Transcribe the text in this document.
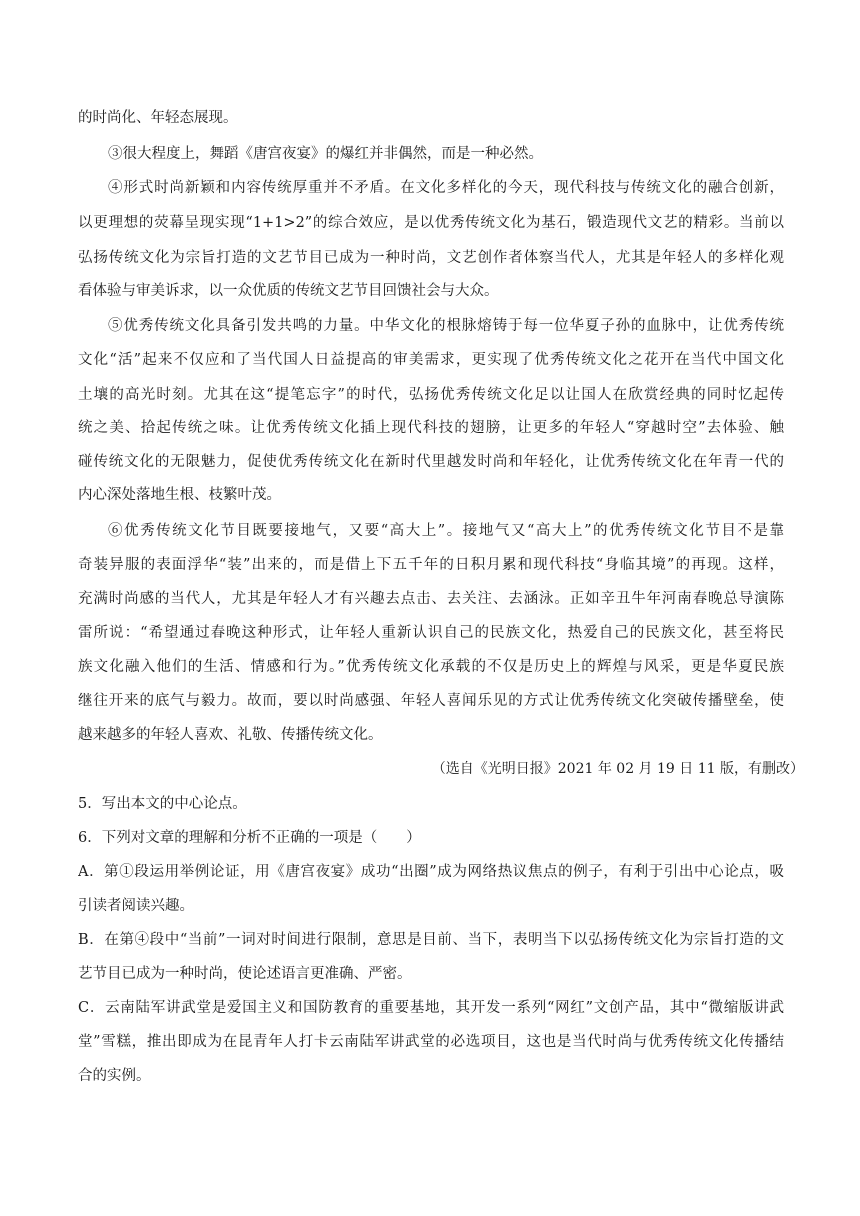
的时尚化、年轻态展现。
③很大程度上，舞蹈《唐宫夜宴》的爆红并非偶然，而是一种必然。
④形式时尚新颖和内容传统厚重并不矛盾。在文化多样化的今天，现代科技与传统文化的融合创新，
以更理想的荧幕呈现实现“1+1>2”的综合效应，是以优秀传统文化为基石，锻造现代文艺的精彩。当前以
弘扬传统文化为宗旨打造的文艺节目已成为一种时尚，文艺创作者体察当代人，尤其是年轻人的多样化观
看体验与审美诉求，以一众优质的传统文艺节目回馈社会与大众。
⑤优秀传统文化具备引发共鸣的力量。中华文化的根脉熔铸于每一位华夏子孙的血脉中，让优秀传统
文化“活”起来不仅应和了当代国人日益提高的审美需求，更实现了优秀传统文化之花开在当代中国文化
土壤的高光时刻。尤其在这“提笔忘字”的时代，弘扬优秀传统文化足以让国人在欣赏经典的同时忆起传
统之美、拾起传统之味。让优秀传统文化插上现代科技的翅膀，让更多的年轻人“穿越时空”去体验、触
碰传统文化的无限魅力，促使优秀传统文化在新时代里越发时尚和年轻化，让优秀传统文化在年青一代的
内心深处落地生根、枝繁叶茂。
⑥优秀传统文化节目既要接地气，又要“高大上”。接地气又“高大上”的优秀传统文化节目不是靠
奇装异服的表面浮华“装”出来的，而是借上下五千年的日积月累和现代科技“身临其境”的再现。这样，
充满时尚感的当代人，尤其是年轻人才有兴趣去点击、去关注、去涵泳。正如辛丑牛年河南春晚总导演陈
雷所说：“希望通过春晚这种形式，让年轻人重新认识自己的民族文化，热爱自己的民族文化，甚至将民
族文化融入他们的生活、情感和行为。”优秀传统文化承载的不仅是历史上的辉煌与风采，更是华夏民族
继往开来的底气与毅力。故而，要以时尚感强、年轻人喜闻乐见的方式让优秀传统文化突破传播壁垒，使
越来越多的年轻人喜欢、礼敬、传播传统文化。
（选自《光明日报》2021 年 02 月 19 日 11 版，有删改）
5．写出本文的中心论点。
6．下列对文章的理解和分析不正确的一项是（　　）
A．第①段运用举例论证，用《唐宫夜宴》成功“出圈”成为网络热议焦点的例子，有利于引出中心论点，吸
引读者阅读兴趣。
B．在第④段中“当前”一词对时间进行限制，意思是目前、当下，表明当下以弘扬传统文化为宗旨打造的文
艺节目已成为一种时尚，使论述语言更准确、严密。
C．云南陆军讲武堂是爱国主义和国防教育的重要基地，其开发一系列“网红”文创产品，其中“微缩版讲武
堂”雪糕，推出即成为在昆青年人打卡云南陆军讲武堂的必选项目，这也是当代时尚与优秀传统文化传播结
合的实例。
